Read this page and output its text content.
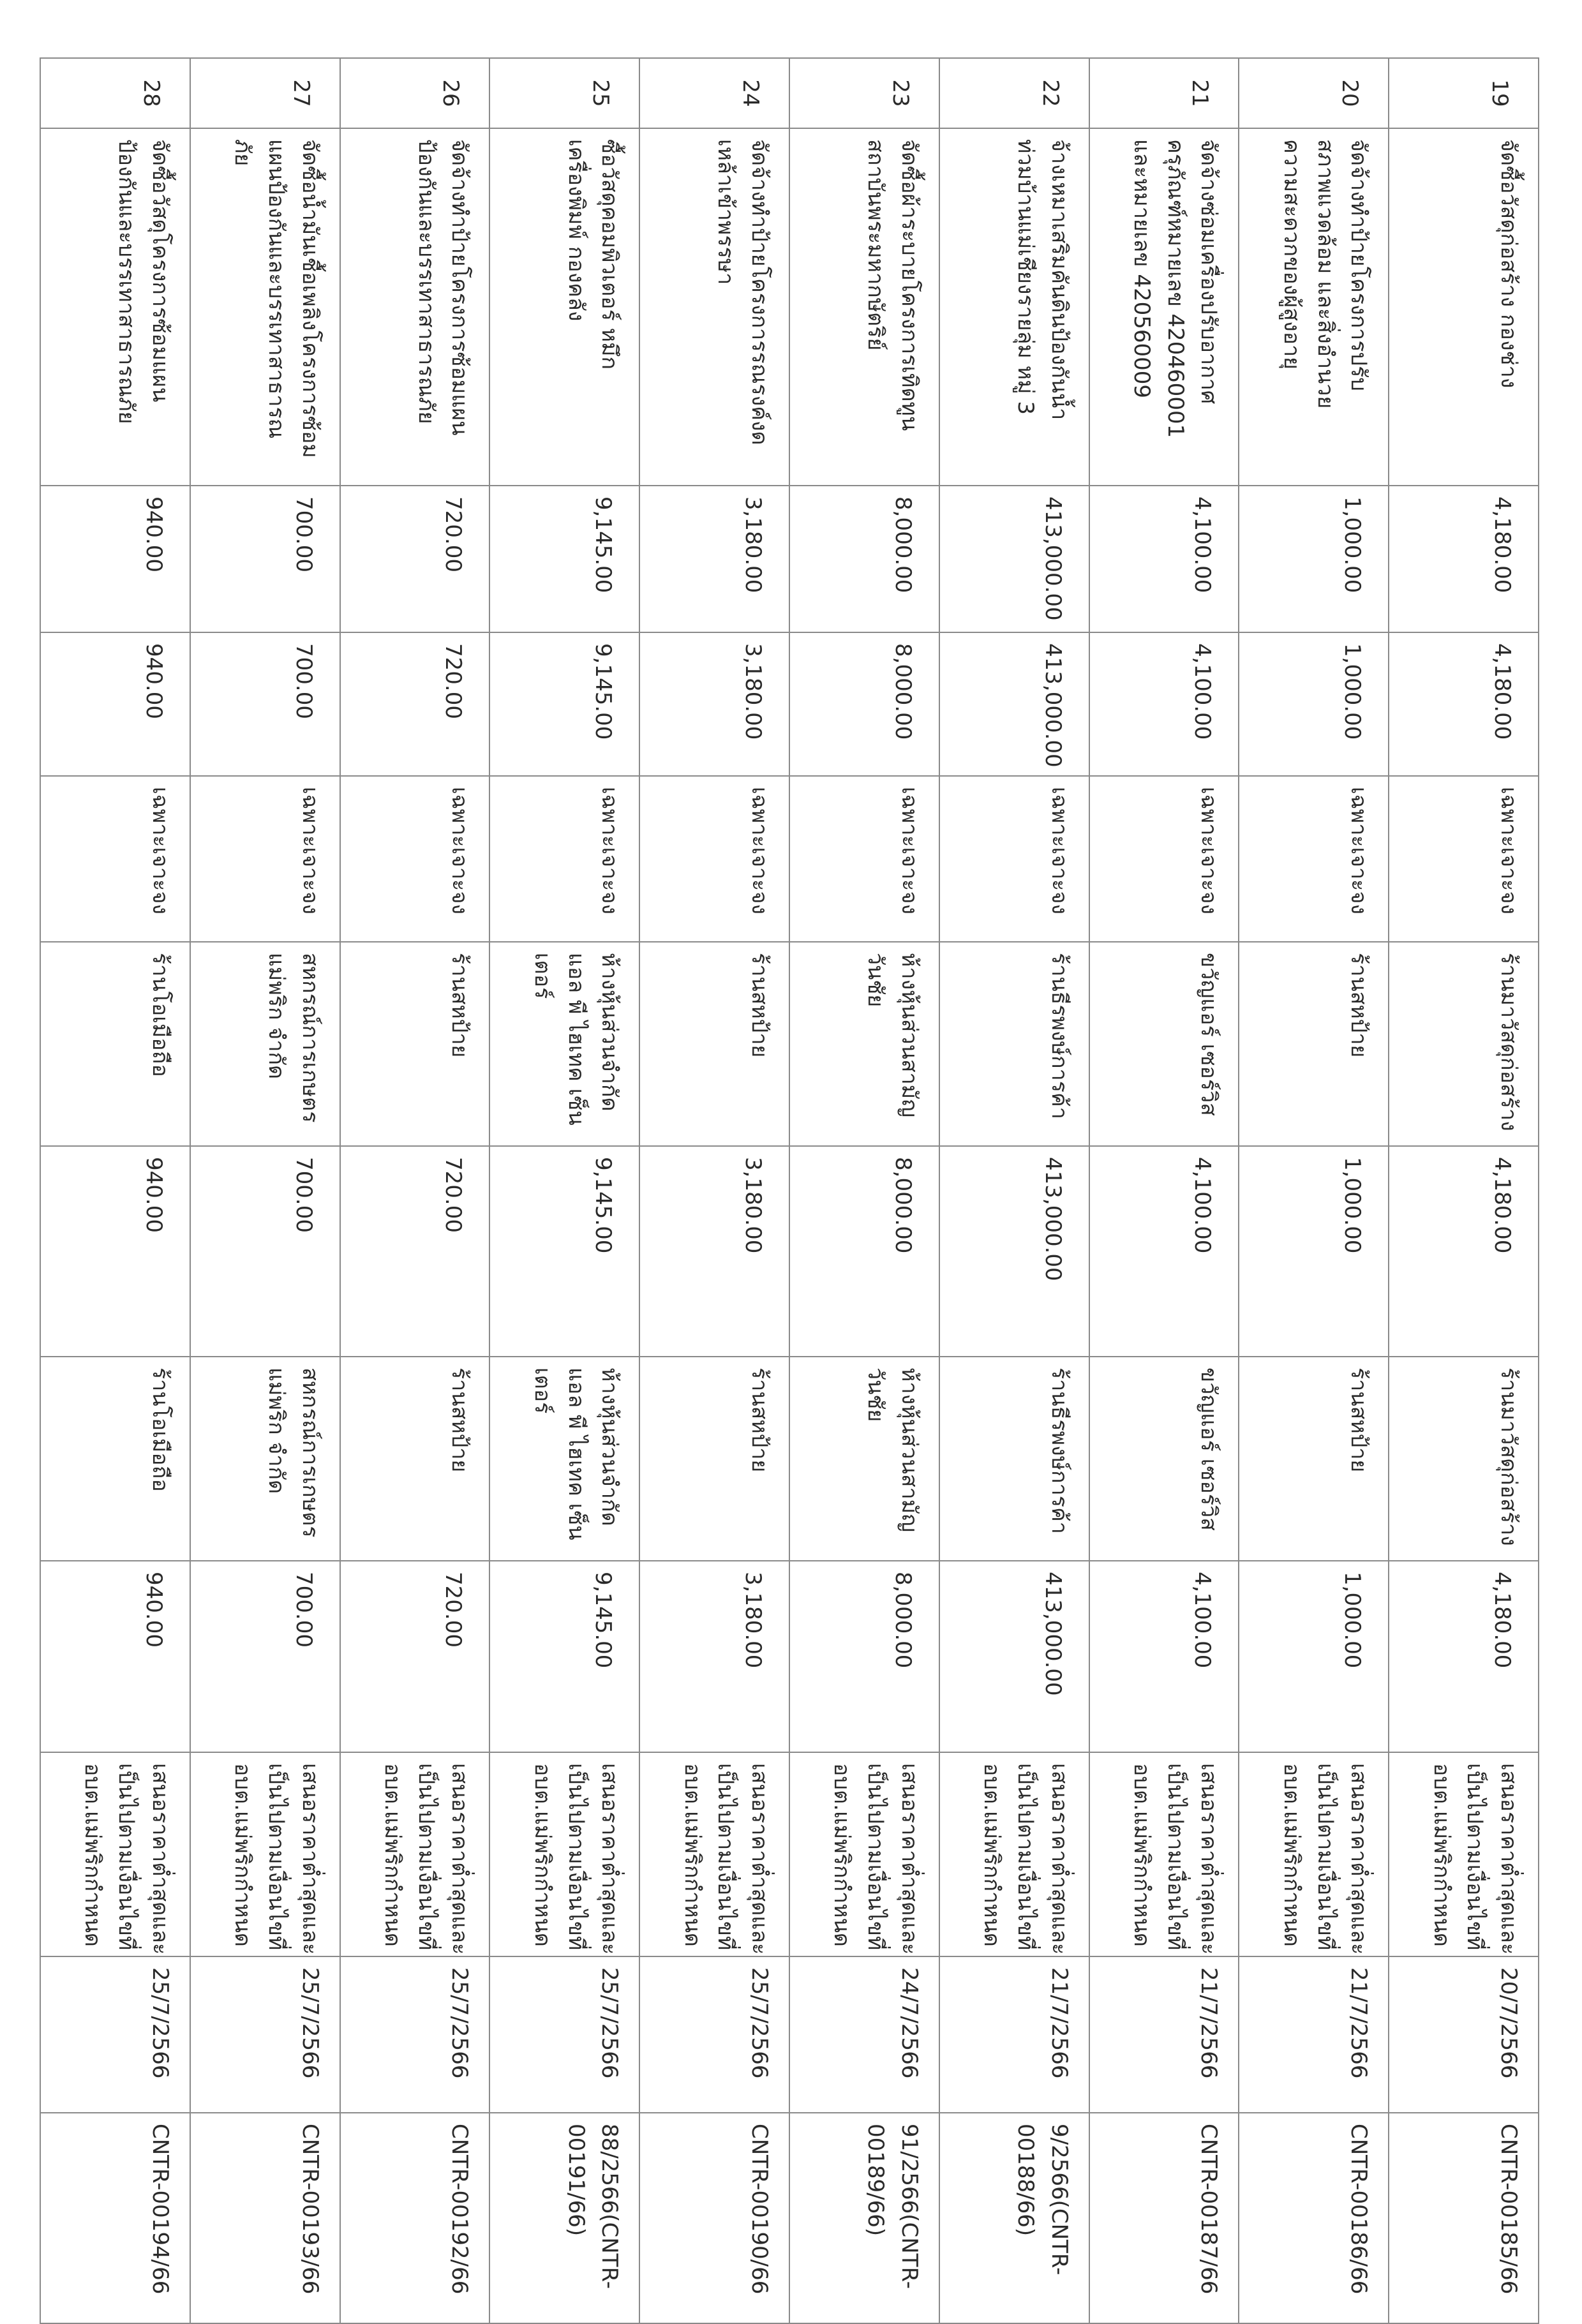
19	จัดซื้อวัสดุก่อสร้าง กองช่าง	4,180.00	4,180.00	เฉพาะเจาะจง	ร้านมาวัสดุก่อสร้าง	4,180.00	ร้านมาวัสดุก่อสร้าง	4,180.00	เสนอราคาต่ำสุดและ
เป็นไปตามเงื่อนไขที่
อบต.แม่พริกกำหนด	20/7/2566	CNTR-00185/66

20	จัดจ้างทำป้ายโครงการปรับ
สภาพแวดล้อม และสิ่งอำนวย
ความสะดวกของผู้สูงอายุ	1,000.00	1,000.00	เฉพาะเจาะจง	ร้านสหป้าย	1,000.00	ร้านสหป้าย	1,000.00	เสนอราคาต่ำสุดและ
เป็นไปตามเงื่อนไขที่
อบต.แม่พริกกำหนด	21/7/2566	CNTR-00186/66

21	จัดจ้างซ่อมเครื่องปรับอากาศ
ครุภัณฑ์หมายเลข 420460001
และหมายเลข 420560009	4,100.00	4,100.00	เฉพาะเจาะจง	ขวัญแอร์ เซอร์วิส	4,100.00	ขวัญแอร์ เซอร์วิส	4,100.00	เสนอราคาต่ำสุดและ
เป็นไปตามเงื่อนไขที่
อบต.แม่พริกกำหนด	21/7/2566	CNTR-00187/66

22	จ้างเหมาเสริมคันดินป้องกันน้ำ
ท่วมบ้านแม่เชียงรายลุ่ม หมู่ 3	413,000.00	413,000.00	เฉพาะเจาะจง	ร้านธีรพงษ์การค้า	413,000.00	ร้านธีรพงษ์การค้า	413,000.00	เสนอราคาต่ำสุดและ
เป็นไปตามเงื่อนไขที่
อบต.แม่พริกกำหนด	21/7/2566	9/2566(CNTR-
00188/66)

23	จัดซื้อผ้าระบายโครงการเทิดทูน
สถาบันพระมหากษัตริย์	8,000.00	8,000.00	เฉพาะเจาะจง	ห้างหุ้นส่วนสามัญ
วันชัย	8,000.00	ห้างหุ้นส่วนสามัญ
วันชัย	8,000.00	เสนอราคาต่ำสุดและ
เป็นไปตามเงื่อนไขที่
อบต.แม่พริกกำหนด	24/7/2566	91/2566(CNTR-
00189/66)

24	จัดจ้างทำป้ายโครงการรณรงค์งด
เหล้าเข้าพรรษา	3,180.00	3,180.00	เฉพาะเจาะจง	ร้านสหป้าย	3,180.00	ร้านสหป้าย	3,180.00	เสนอราคาต่ำสุดและ
เป็นไปตามเงื่อนไขที่
อบต.แม่พริกกำหนด	25/7/2566	CNTR-00190/66

25	ซื้อวัสดุคอมพิวเตอร์ หมึก
เครื่องพิมพ์ กองคลัง	9,145.00	9,145.00	เฉพาะเจาะจง	ห้างหุ้นส่วนจำกัด
แอล พี ไฮเทค เซ็น
เตอร์	9,145.00	ห้างหุ้นส่วนจำกัด
แอล พี ไฮเทค เซ็น
เตอร์	9,145.00	เสนอราคาต่ำสุดและ
เป็นไปตามเงื่อนไขที่
อบต.แม่พริกกำหนด	25/7/2566	88/2566(CNTR-
00191/66)

26	จัดจ้างทำป้ายโครงการซ้อมแผน
ป้องกันและบรรเทาสาธารณภัย	720.00	720.00	เฉพาะเจาะจง	ร้านสหป้าย	720.00	ร้านสหป้าย	720.00	เสนอราคาต่ำสุดและ
เป็นไปตามเงื่อนไขที่
อบต.แม่พริกกำหนด	25/7/2566	CNTR-00192/66

27	จัดซื้อน้ำมันเชื้อเพลิงโครงการซ้อม
แผนป้องกันและบรรเทาสาธารณ
ภัย	700.00	700.00	เฉพาะเจาะจง	สหกรณ์การเกษตร
แม่พริก จำกัด	700.00	สหกรณ์การเกษตร
แม่พริก จำกัด	700.00	เสนอราคาต่ำสุดและ
เป็นไปตามเงื่อนไขที่
อบต.แม่พริกกำหนด	25/7/2566	CNTR-00193/66

28	จัดซื้อวัสดุโครงการซ้อมแผน
ป้องกันและบรรเทาสาธารณภัย	940.00	940.00	เฉพาะเจาะจง	ร้านโอเมือถือ	940.00	ร้านโอเมือถือ	940.00	เสนอราคาต่ำสุดและ
เป็นไปตามเงื่อนไขที่
อบต.แม่พริกกำหนด	25/7/2566	CNTR-00194/66
